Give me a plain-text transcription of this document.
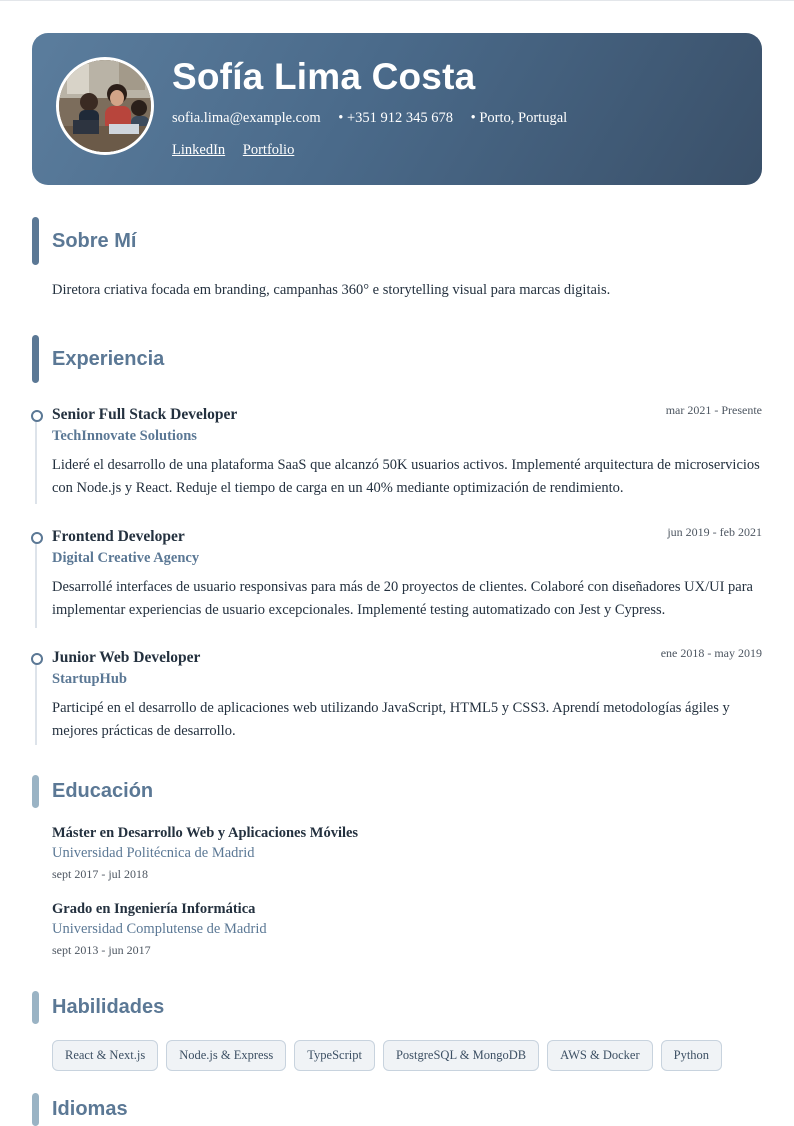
Sofía Lima Costa
sofia.lima@example.com • +351 912 345 678 • Porto, Portugal
LinkedIn Portfolio
Sobre Mí

Diretora criativa focada em branding, campanhas 360° e storytelling visual para marcas digitais.

Experiencia
Senior Full Stack Developer	mar 2021 - Presente
TechInnovate Solutions
Lideré el desarrollo de una plataforma SaaS que alcanzó 50K usuarios activos. Implementé arquitectura de microservicios con Node.js y React. Reduje el tiempo de carga en un 40% mediante optimización de rendimiento.
Frontend Developer	jun 2019 - feb 2021
Digital Creative Agency
Desarrollé interfaces de usuario responsivas para más de 20 proyectos de clientes. Colaboré con diseñadores UX/UI para implementar experiencias de usuario excepcionales. Implementé testing automatizado con Jest y Cypress.
Junior Web Developer	ene 2018 - may 2019
StartupHub
Participé en el desarrollo de aplicaciones web utilizando JavaScript, HTML5 y CSS3. Aprendí metodologías ágiles y mejores prácticas de desarrollo.
Educación
Máster en Desarrollo Web y Aplicaciones Móviles
Universidad Politécnica de Madrid
sept 2017 - jul 2018
Grado en Ingeniería Informática
Universidad Complutense de Madrid
sept 2013 - jun 2017
Habilidades
React & Next.js	Node.js & Express	TypeScript	PostgreSQL & MongoDB	AWS & Docker	Python
Idiomas
